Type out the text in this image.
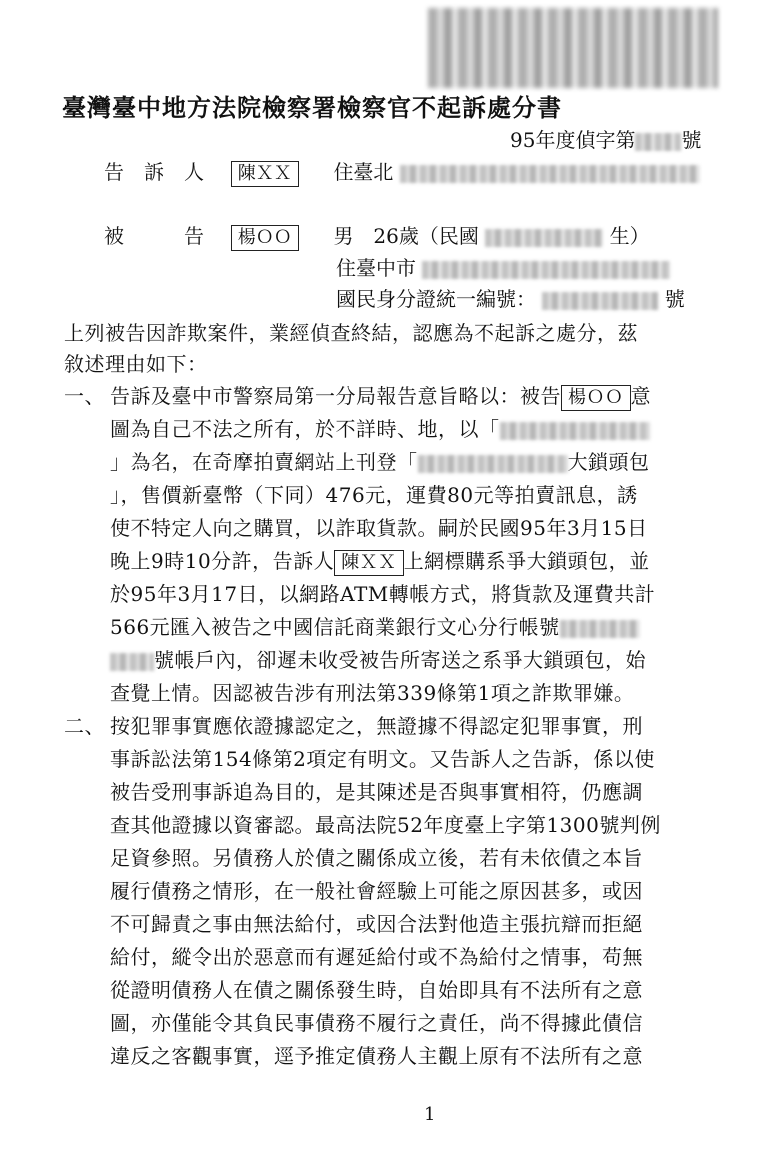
臺灣臺中地方法院檢察署檢察官不起訴處分書
95年度偵字第 號
告　訴　人 陳ＸＸ 住臺北
被　　　告 楊ＯＯ 男　26歲（民國	生）
住臺中市
國民身分證統一編號：	號
上列被告因詐欺案件，業經偵查終結，認應為不起訴之處分，茲
敘述理由如下：
一、 告訴及臺中市警察局第一分局報告意旨略以：被告 楊ＯＯ 意
圖為自己不法之所有，於不詳時、地，以「
」為名，在奇摩拍賣網站上刊登「	大鎖頭包
」，售價新臺幣（下同）476元，運費80元等拍賣訊息，誘
使不特定人向之購買，以詐取貨款。嗣於民國95年3月15日
晚上9時10分許，告訴人 陳ＸＸ 上網標購系爭大鎖頭包，並
於95年3月17日，以網路ATM轉帳方式，將貨款及運費共計
566元匯入被告之中國信託商業銀行文心分行帳號
號帳戶內，卻遲未收受被告所寄送之系爭大鎖頭包，始
查覺上情。因認被告涉有刑法第339條第1項之詐欺罪嫌。
二、 按犯罪事實應依證據認定之，無證據不得認定犯罪事實，刑
事訴訟法第154條第2項定有明文。又告訴人之告訴，係以使
被告受刑事訴追為目的，是其陳述是否與事實相符，仍應調
查其他證據以資審認。最高法院52年度臺上字第1300號判例
足資參照。另債務人於債之關係成立後，若有未依債之本旨
履行債務之情形，在一般社會經驗上可能之原因甚多，或因
不可歸責之事由無法給付，或因合法對他造主張抗辯而拒絕
給付，縱令出於惡意而有遲延給付或不為給付之情事，苟無
從證明債務人在債之關係發生時，自始即具有不法所有之意
圖，亦僅能令其負民事債務不履行之責任，尚不得據此債信
違反之客觀事實，逕予推定債務人主觀上原有不法所有之意
1
